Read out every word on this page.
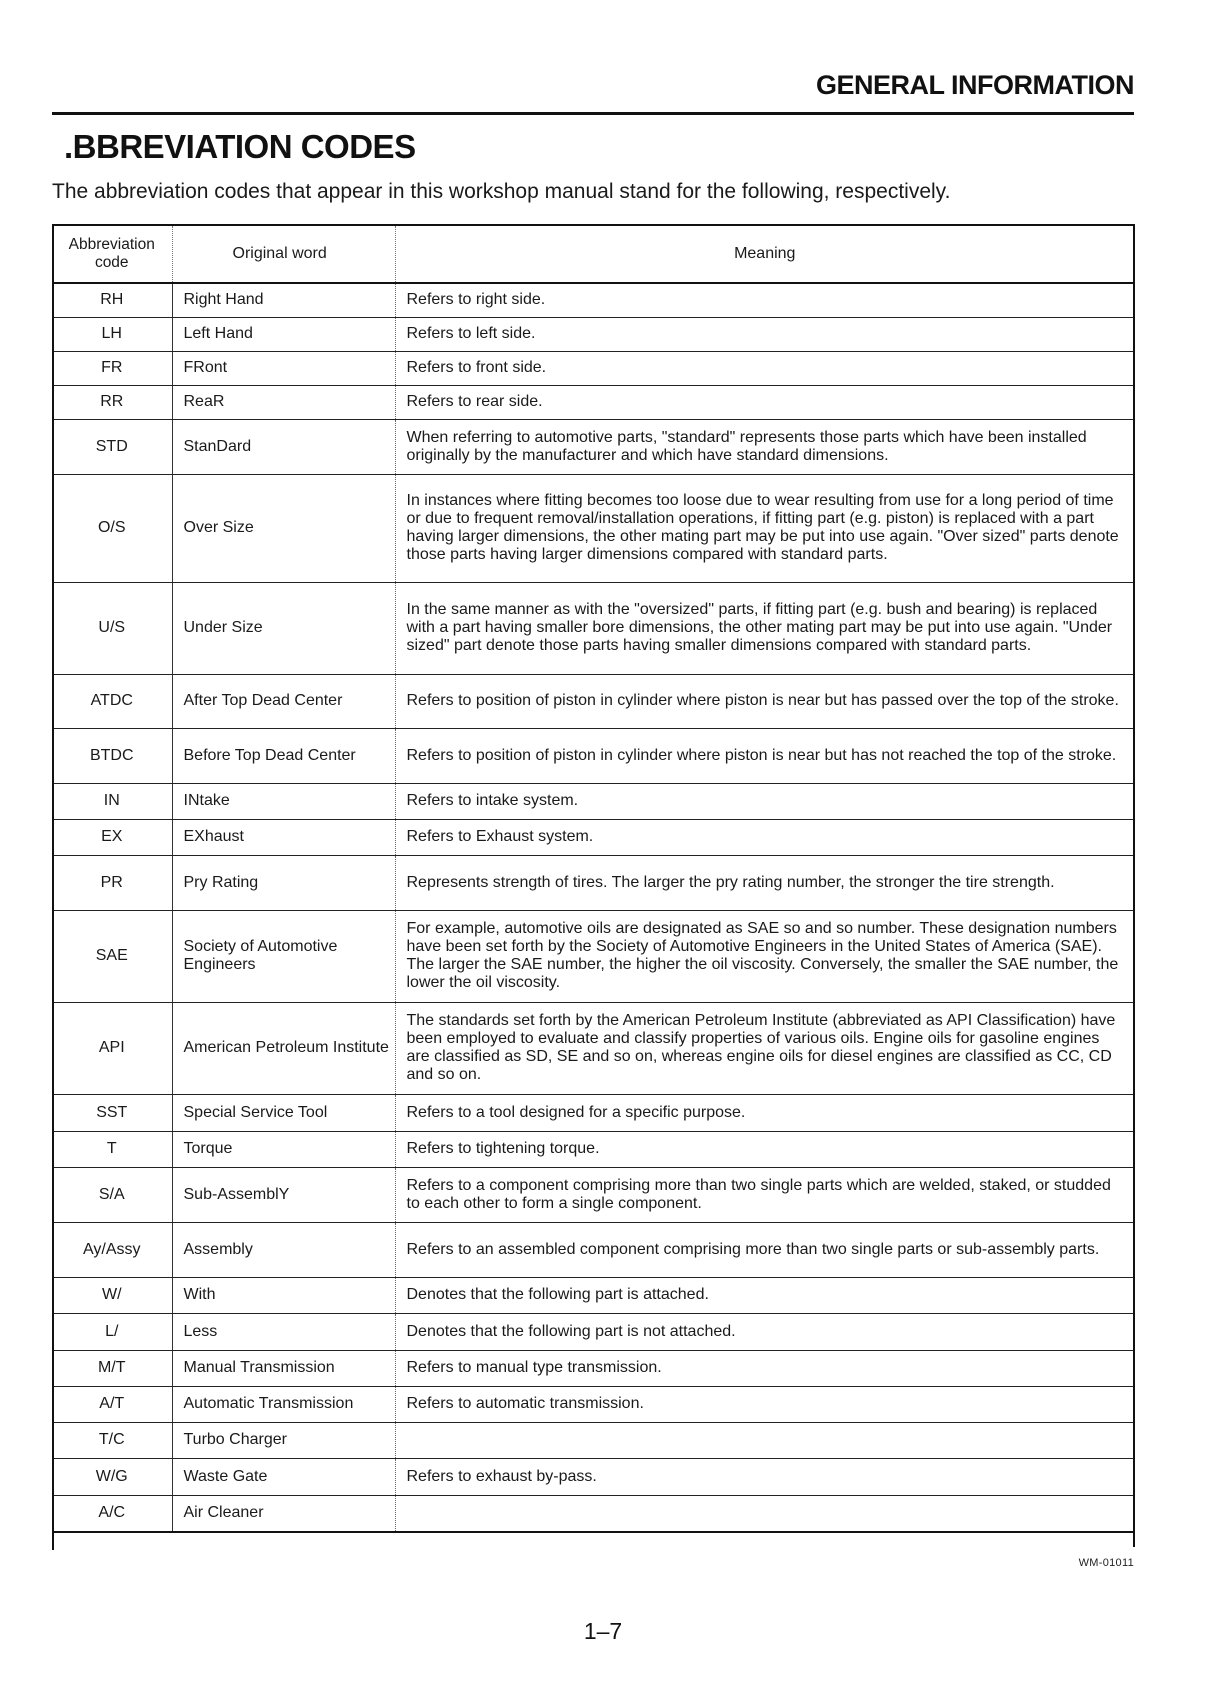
GENERAL INFORMATION
.BBREVIATION CODES
The abbreviation codes that appear in this workshop manual stand for the following, respectively.
Abbreviation code	Original word	Meaning
RH	Right Hand	Refers to right side.
LH	Left Hand	Refers to left side.
FR	FRont	Refers to front side.
RR	ReaR	Refers to rear side.
STD	StanDard	When referring to automotive parts, "standard" represents those parts which have been installed originally by the manufacturer and which have standard dimensions.
O/S	Over Size	In instances where fitting becomes too loose due to wear resulting from use for a long period of time or due to frequent removal/installation operations, if fitting part (e.g. piston) is replaced with a part having larger dimensions, the other mating part may be put into use again. "Over sized" parts denote those parts having larger dimensions compared with standard parts.
U/S	Under Size	In the same manner as with the "oversized" parts, if fitting part (e.g. bush and bearing) is replaced with a part having smaller bore dimensions, the other mating part may be put into use again. "Under sized" part denote those parts having smaller dimensions compared with standard parts.
ATDC	After Top Dead Center	Refers to position of piston in cylinder where piston is near but has passed over the top of the stroke.
BTDC	Before Top Dead Center	Refers to position of piston in cylinder where piston is near but has not reached the top of the stroke.
IN	INtake	Refers to intake system.
EX	EXhaust	Refers to Exhaust system.
PR	Pry Rating	Represents strength of tires. The larger the pry rating number, the stronger the tire strength.
SAE	Society of Automotive Engineers	For example, automotive oils are designated as SAE so and so number. These designation numbers have been set forth by the Society of Automotive Engineers in the United States of America (SAE). The larger the SAE number, the higher the oil viscosity. Conversely, the smaller the SAE number, the lower the oil viscosity.
API	American Petroleum Institute	The standards set forth by the American Petroleum Institute (abbreviated as API Classification) have been employed to evaluate and classify properties of various oils. Engine oils for gasoline engines are classified as SD, SE and so on, whereas engine oils for diesel engines are classified as CC, CD and so on.
SST	Special Service Tool	Refers to a tool designed for a specific purpose.
T	Torque	Refers to tightening torque.
S/A	Sub-AssemblY	Refers to a component comprising more than two single parts which are welded, staked, or studded to each other to form a single component.
Ay/Assy	Assembly	Refers to an assembled component comprising more than two single parts or sub-assembly parts.
W/	With	Denotes that the following part is attached.
L/	Less	Denotes that the following part is not attached.
M/T	Manual Transmission	Refers to manual type transmission.
A/T	Automatic Transmission	Refers to automatic transmission.
T/C	Turbo Charger	
W/G	Waste Gate	Refers to exhaust by-pass.
A/C	Air Cleaner	
WM-01011
1–7
